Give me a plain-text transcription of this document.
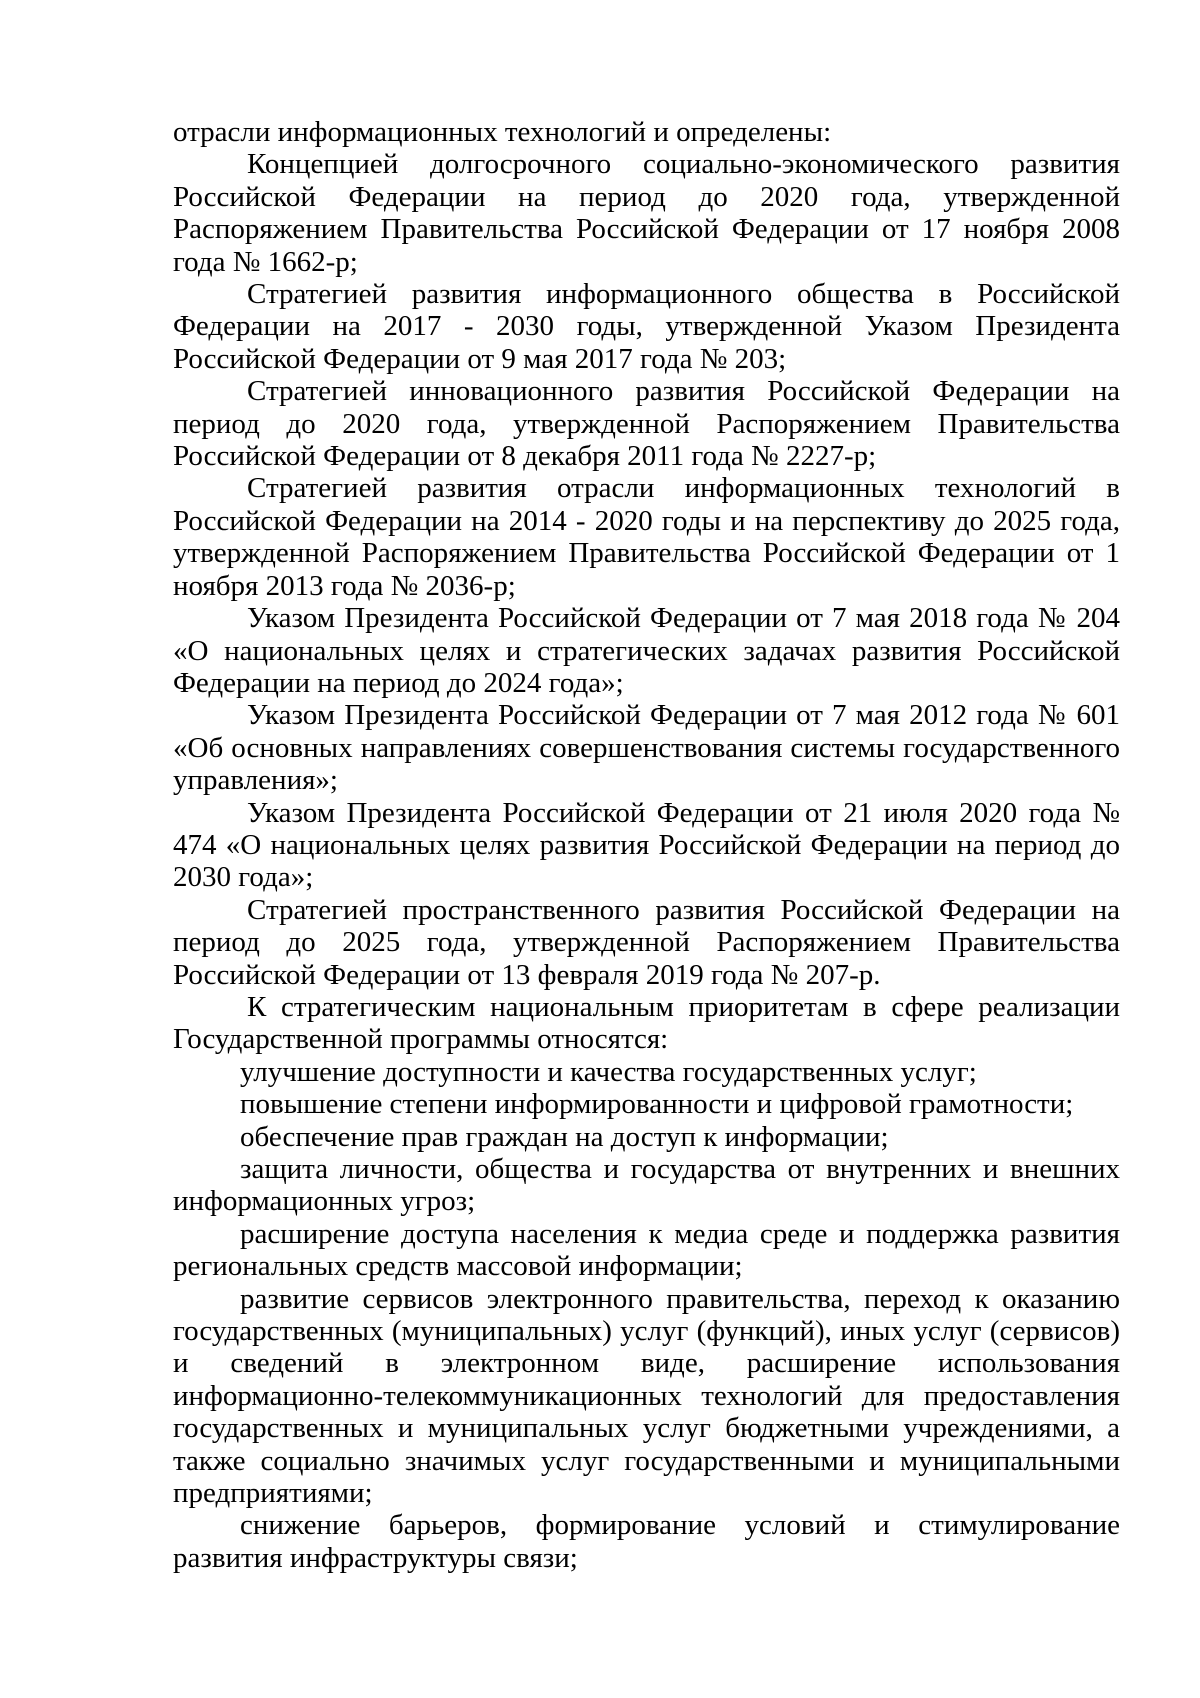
отрасли информационных технологий и определены:

Концепцией долгосрочного социально-экономического развития Российской Федерации на период до 2020 года, утвержденной Распоряжением Правительства Российской Федерации от 17 ноября 2008 года № 1662-р;

Стратегией развития информационного общества в Российской Федерации на 2017 - 2030 годы, утвержденной Указом Президента Российской Федерации от 9 мая 2017 года № 203;

Стратегией инновационного развития Российской Федерации на период до 2020 года, утвержденной Распоряжением Правительства Российской Федерации от 8 декабря 2011 года № 2227-р;

Стратегией развития отрасли информационных технологий в Российской Федерации на 2014 - 2020 годы и на перспективу до 2025 года, утвержденной Распоряжением Правительства Российской Федерации от 1 ноября 2013 года № 2036-р;

Указом Президента Российской Федерации от 7 мая 2018 года № 204 «О национальных целях и стратегических задачах развития Российской Федерации на период до 2024 года»;

Указом Президента Российской Федерации от 7 мая 2012 года № 601 «Об основных направлениях совершенствования системы государственного управления»;

Указом Президента Российской Федерации от 21 июля 2020 года № 474 «О национальных целях развития Российской Федерации на период до 2030 года»;

Стратегией пространственного развития Российской Федерации на период до 2025 года, утвержденной Распоряжением Правительства Российской Федерации от 13 февраля 2019 года № 207-р.

К стратегическим национальным приоритетам в сфере реализации Государственной программы относятся:

улучшение доступности и качества государственных услуг;

повышение степени информированности и цифровой грамотности;

обеспечение прав граждан на доступ к информации;

защита личности, общества и государства от внутренних и внешних информационных угроз;

расширение доступа населения к медиа среде и поддержка развития региональных средств массовой информации;

развитие сервисов электронного правительства, переход к оказанию государственных (муниципальных) услуг (функций), иных услуг (сервисов) и сведений в электронном виде, расширение использования информационно-телекоммуникационных технологий для предоставления государственных и муниципальных услуг бюджетными учреждениями, а также социально значимых услуг государственными и муниципальными предприятиями;

снижение барьеров, формирование условий и стимулирование развития инфраструктуры связи;
